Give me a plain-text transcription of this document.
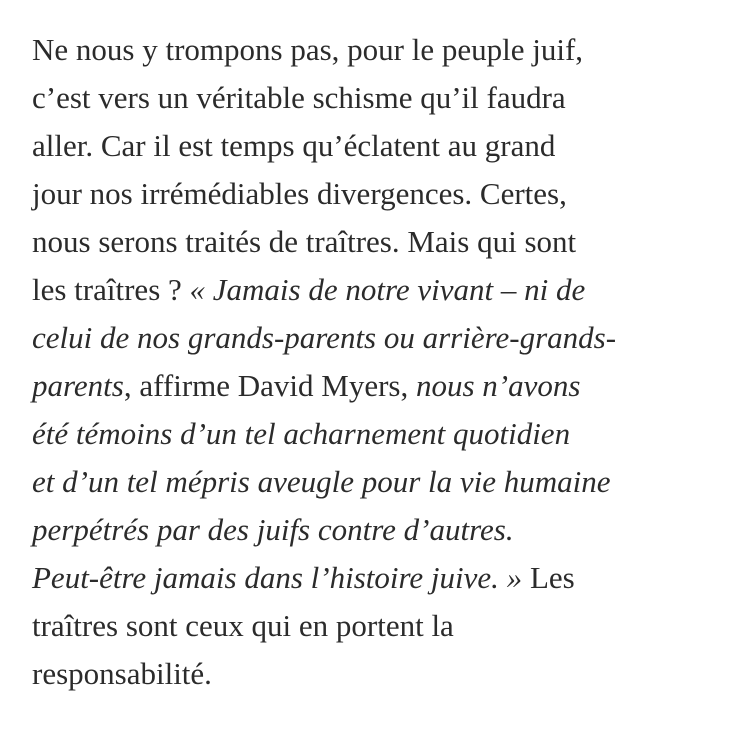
Ne nous y trompons pas, pour le peuple juif,
c’est vers un véritable schisme qu’il faudra
aller. Car il est temps qu’éclatent au grand
jour nos irrémédiables divergences. Certes,
nous serons traités de traîtres. Mais qui sont
les traîtres ? « Jamais de notre vivant – ni de
celui de nos grands-parents ou arrière-grands-
parents, affirme David Myers, nous n’avons
été témoins d’un tel acharnement quotidien
et d’un tel mépris aveugle pour la vie humaine
perpétrés par des juifs contre d’autres.
Peut-être jamais dans l’histoire juive. » Les
traîtres sont ceux qui en portent la
responsabilité.
